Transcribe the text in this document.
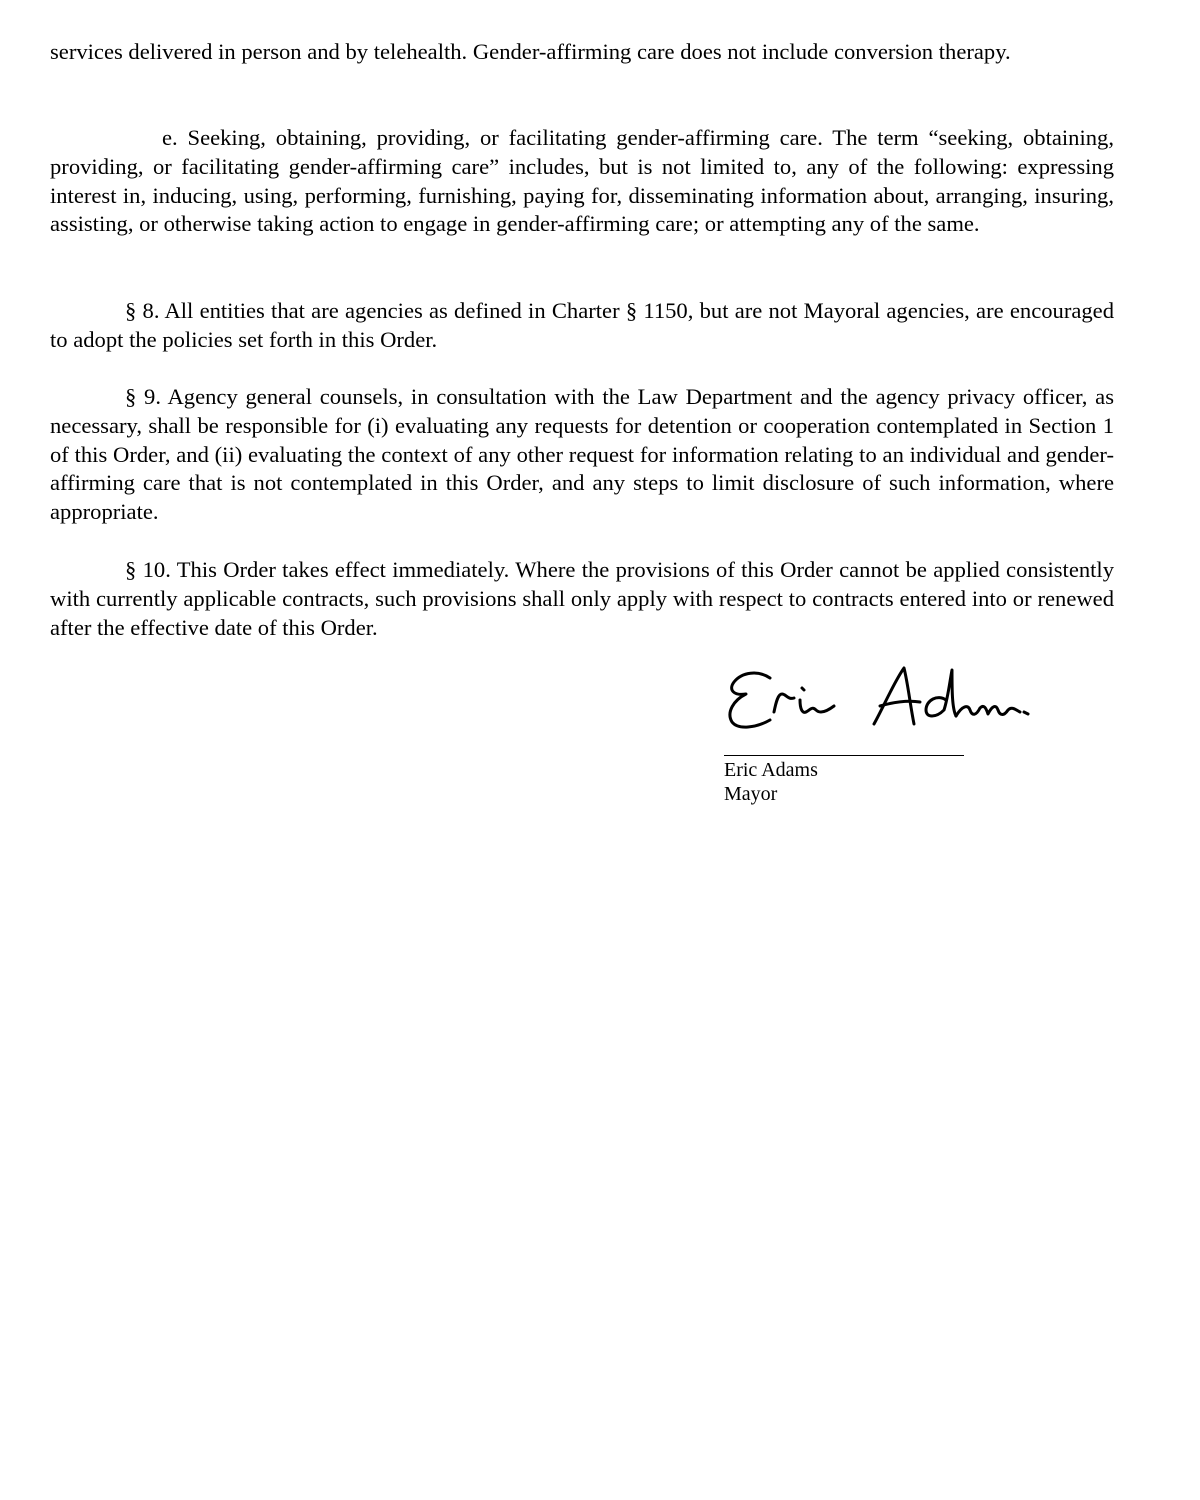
services delivered in person and by telehealth. Gender-affirming care does not include conversion therapy.

e. Seeking, obtaining, providing, or facilitating gender-affirming care. The term “seeking, obtaining, providing, or facilitating gender-affirming care” includes, but is not limited to, any of the following: expressing interest in, inducing, using, performing, furnishing, paying for, disseminating information about, arranging, insuring, assisting, or otherwise taking action to engage in gender-affirming care; or attempting any of the same.

§ 8. All entities that are agencies as defined in Charter § 1150, but are not Mayoral agencies, are encouraged to adopt the policies set forth in this Order.

§ 9. Agency general counsels, in consultation with the Law Department and the agency privacy officer, as necessary, shall be responsible for (i) evaluating any requests for detention or cooperation contemplated in Section 1 of this Order, and (ii) evaluating the context of any other request for information relating to an individual and gender-affirming care that is not contemplated in this Order, and any steps to limit disclosure of such information, where appropriate.

§ 10. This Order takes effect immediately. Where the provisions of this Order cannot be applied consistently with currently applicable contracts, such provisions shall only apply with respect to contracts entered into or renewed after the effective date of this Order.

Eric Adams
Mayor
